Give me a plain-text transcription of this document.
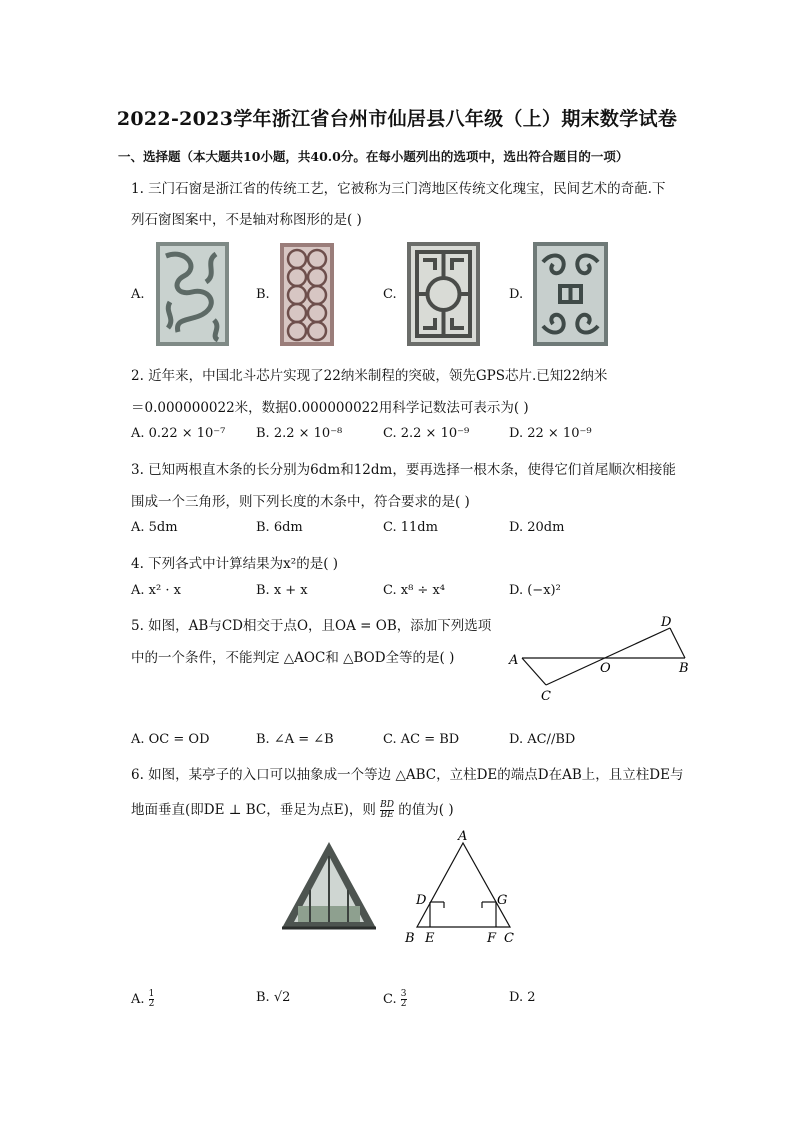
2022-2023学年浙江省台州市仙居县八年级（上）期末数学试卷
一、选择题（本大题共10小题，共40.0分。在每小题列出的选项中，选出符合题目的一项）
1. 三门石窗是浙江省的传统工艺，它被称为三门湾地区传统文化瑰宝，民间艺术的奇葩.下
列石窗图案中，不是轴对称图形的是( )
A.	B.	C.	D.
2. 近年来，中国北斗芯片实现了22纳米制程的突破，领先GPS芯片.已知22纳米
＝0.000000022米，数据0.000000022用科学记数法可表示为( )
A. 0.22 × 10⁻⁷ B. 2.2 × 10⁻⁸	C. 2.2 × 10⁻⁹	D. 22 × 10⁻⁹
3. 已知两根直木条的长分别为6dm和12dm，要再选择一根木条，使得它们首尾顺次相接能
围成一个三角形，则下列长度的木条中，符合要求的是( )
A. 5dm	B. 6dm	C. 11dm	D. 20dm
4. 下列各式中计算结果为x²的是( )
A. x² · x	B. x + x	C. x⁸ ÷ x⁴	D. (−x)²
5. 如图，AB与CD相交于点O，且OA = OB，添加下列选项
中的一个条件，不能判定 △AOC和 △BOD全等的是( )
D
A
O	B
C
A. OC = OD	B. ∠A = ∠B	C. AC = BD	D. AC//BD
6. 如图，某亭子的入口可以抽象成一个等边 △ABC，立柱DE的端点D在AB上，且立柱DE与
地面垂直(即DE ⊥ BC，垂足为点E)，则 $\frac{BD}{BE}$ 的值为( )
A
D	G
B E	F C
A. $\frac{1}{2}$	B. √2	C. $\frac{3}{2}$	D. 2
